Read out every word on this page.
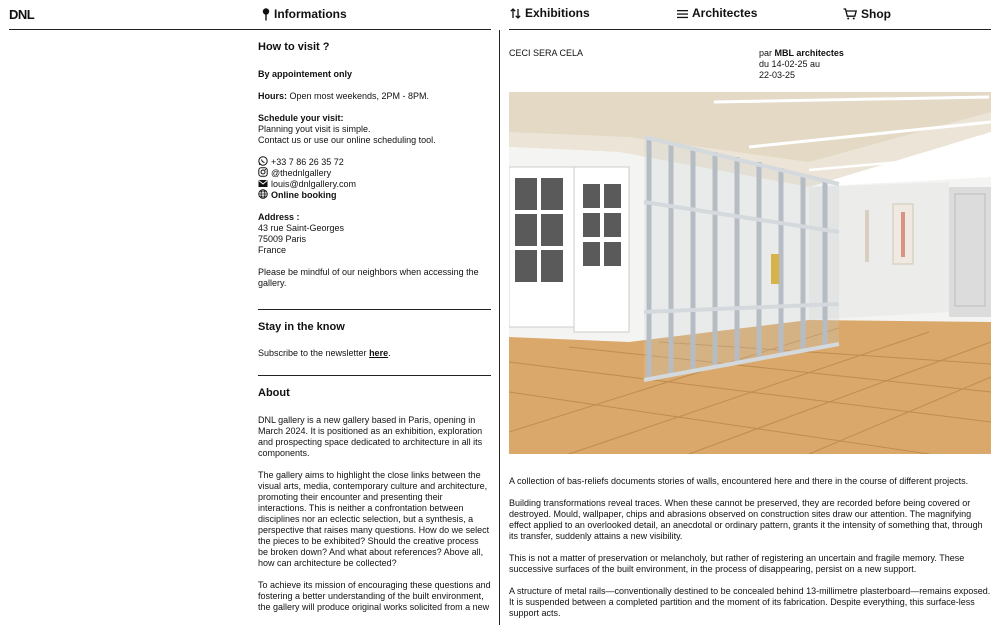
DNL	Informations	Exhibitions	Architectes	Shop
How to visit ?
By appointement only
Hours: Open most weekends, 2PM - 8PM.
Schedule your visit:
Planning yout visit is simple.
Contact us or use our online scheduling tool.
+33 7 86 26 35 72
@thednlgallery
louis@dnlgallery.com
Online booking
Address :
43 rue Saint-Georges
75009 Paris
France
Please be mindful of our neighbors when accessing the gallery.
Stay in the know
Subscribe to the newsletter here.
About
DNL gallery is a new gallery based in Paris, opening in March 2024. It is positioned as an exhibition, exploration and prospecting space dedicated to architecture in all its components.
The gallery aims to highlight the close links between the visual arts, media, contemporary culture and architecture, promoting their encounter and presenting their interactions. This is neither a confrontation between disciplines nor an eclectic selection, but a synthesis, a perspective that raises many questions. How do we select the pieces to be exhibited? Should the creative process be broken down? And what about references? Above all, how can architecture be collected?
To achieve its mission of encouraging these questions and fostering a better understanding of the built environment, the gallery will produce original works solicited from a new
CECI SERA CELA	par MBL architectes
du 14-02-25 au
22-03-25

A collection of bas-reliefs documents stories of walls, encountered here and there in the course of different projects.

Building transformations reveal traces. When these cannot be preserved, they are recorded before being covered or destroyed. Mould, wallpaper, chips and abrasions observed on construction sites draw our attention. The magnifying effect applied to an overlooked detail, an anecdotal or ordinary pattern, grants it the intensity of something that, through its transfer, suddenly attains a new visibility.

This is not a matter of preservation or melancholy, but rather of registering an uncertain and fragile memory. These successive surfaces of the built environment, in the process of disappearing, persist on a new support.

A structure of metal rails—conventionally destined to be concealed behind 13-millimetre plasterboard—remains exposed. It is suspended between a completed partition and the moment of its fabrication. Despite everything, this surface-less support acts.
